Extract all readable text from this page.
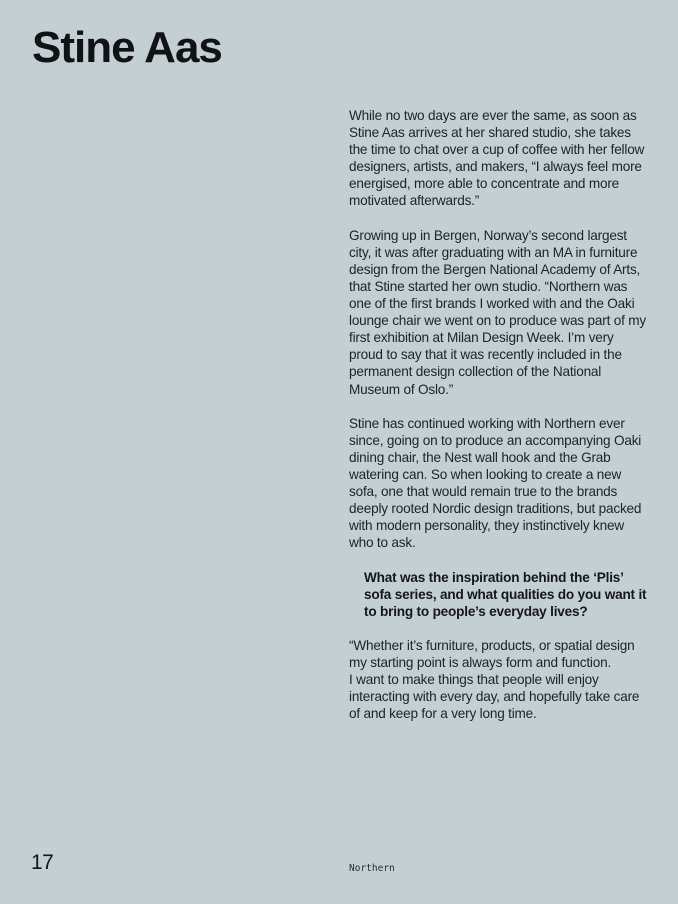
Stine Aas

While no two days are ever the same, as soon as Stine Aas arrives at her shared studio, she takes the time to chat over a cup of coffee with her fellow designers, artists, and makers, “I always feel more energised, more able to concentrate and more motivated afterwards.”

Growing up in Bergen, Norway’s second largest city, it was after graduating with an MA in furniture design from the Bergen National Academy of Arts, that Stine started her own studio. “Northern was one of the first brands I worked with and the Oaki lounge chair we went on to produce was part of my first exhibition at Milan Design Week. I’m very proud to say that it was recently included in the permanent design collection of the National Museum of Oslo.”

Stine has continued working with Northern ever since, going on to produce an accompanying Oaki dining chair, the Nest wall hook and the Grab watering can. So when looking to create a new sofa, one that would remain true to the brands deeply rooted Nordic design traditions, but packed with modern personality, they instinctively knew who to ask.

What was the inspiration behind the ‘Plis’ sofa series, and what qualities do you want it to bring to people’s everyday lives?

“Whether it’s furniture, products, or spatial design my starting point is always form and function.
I want to make things that people will enjoy interacting with every day, and hopefully take care of and keep for a very long time.

17	Northern
